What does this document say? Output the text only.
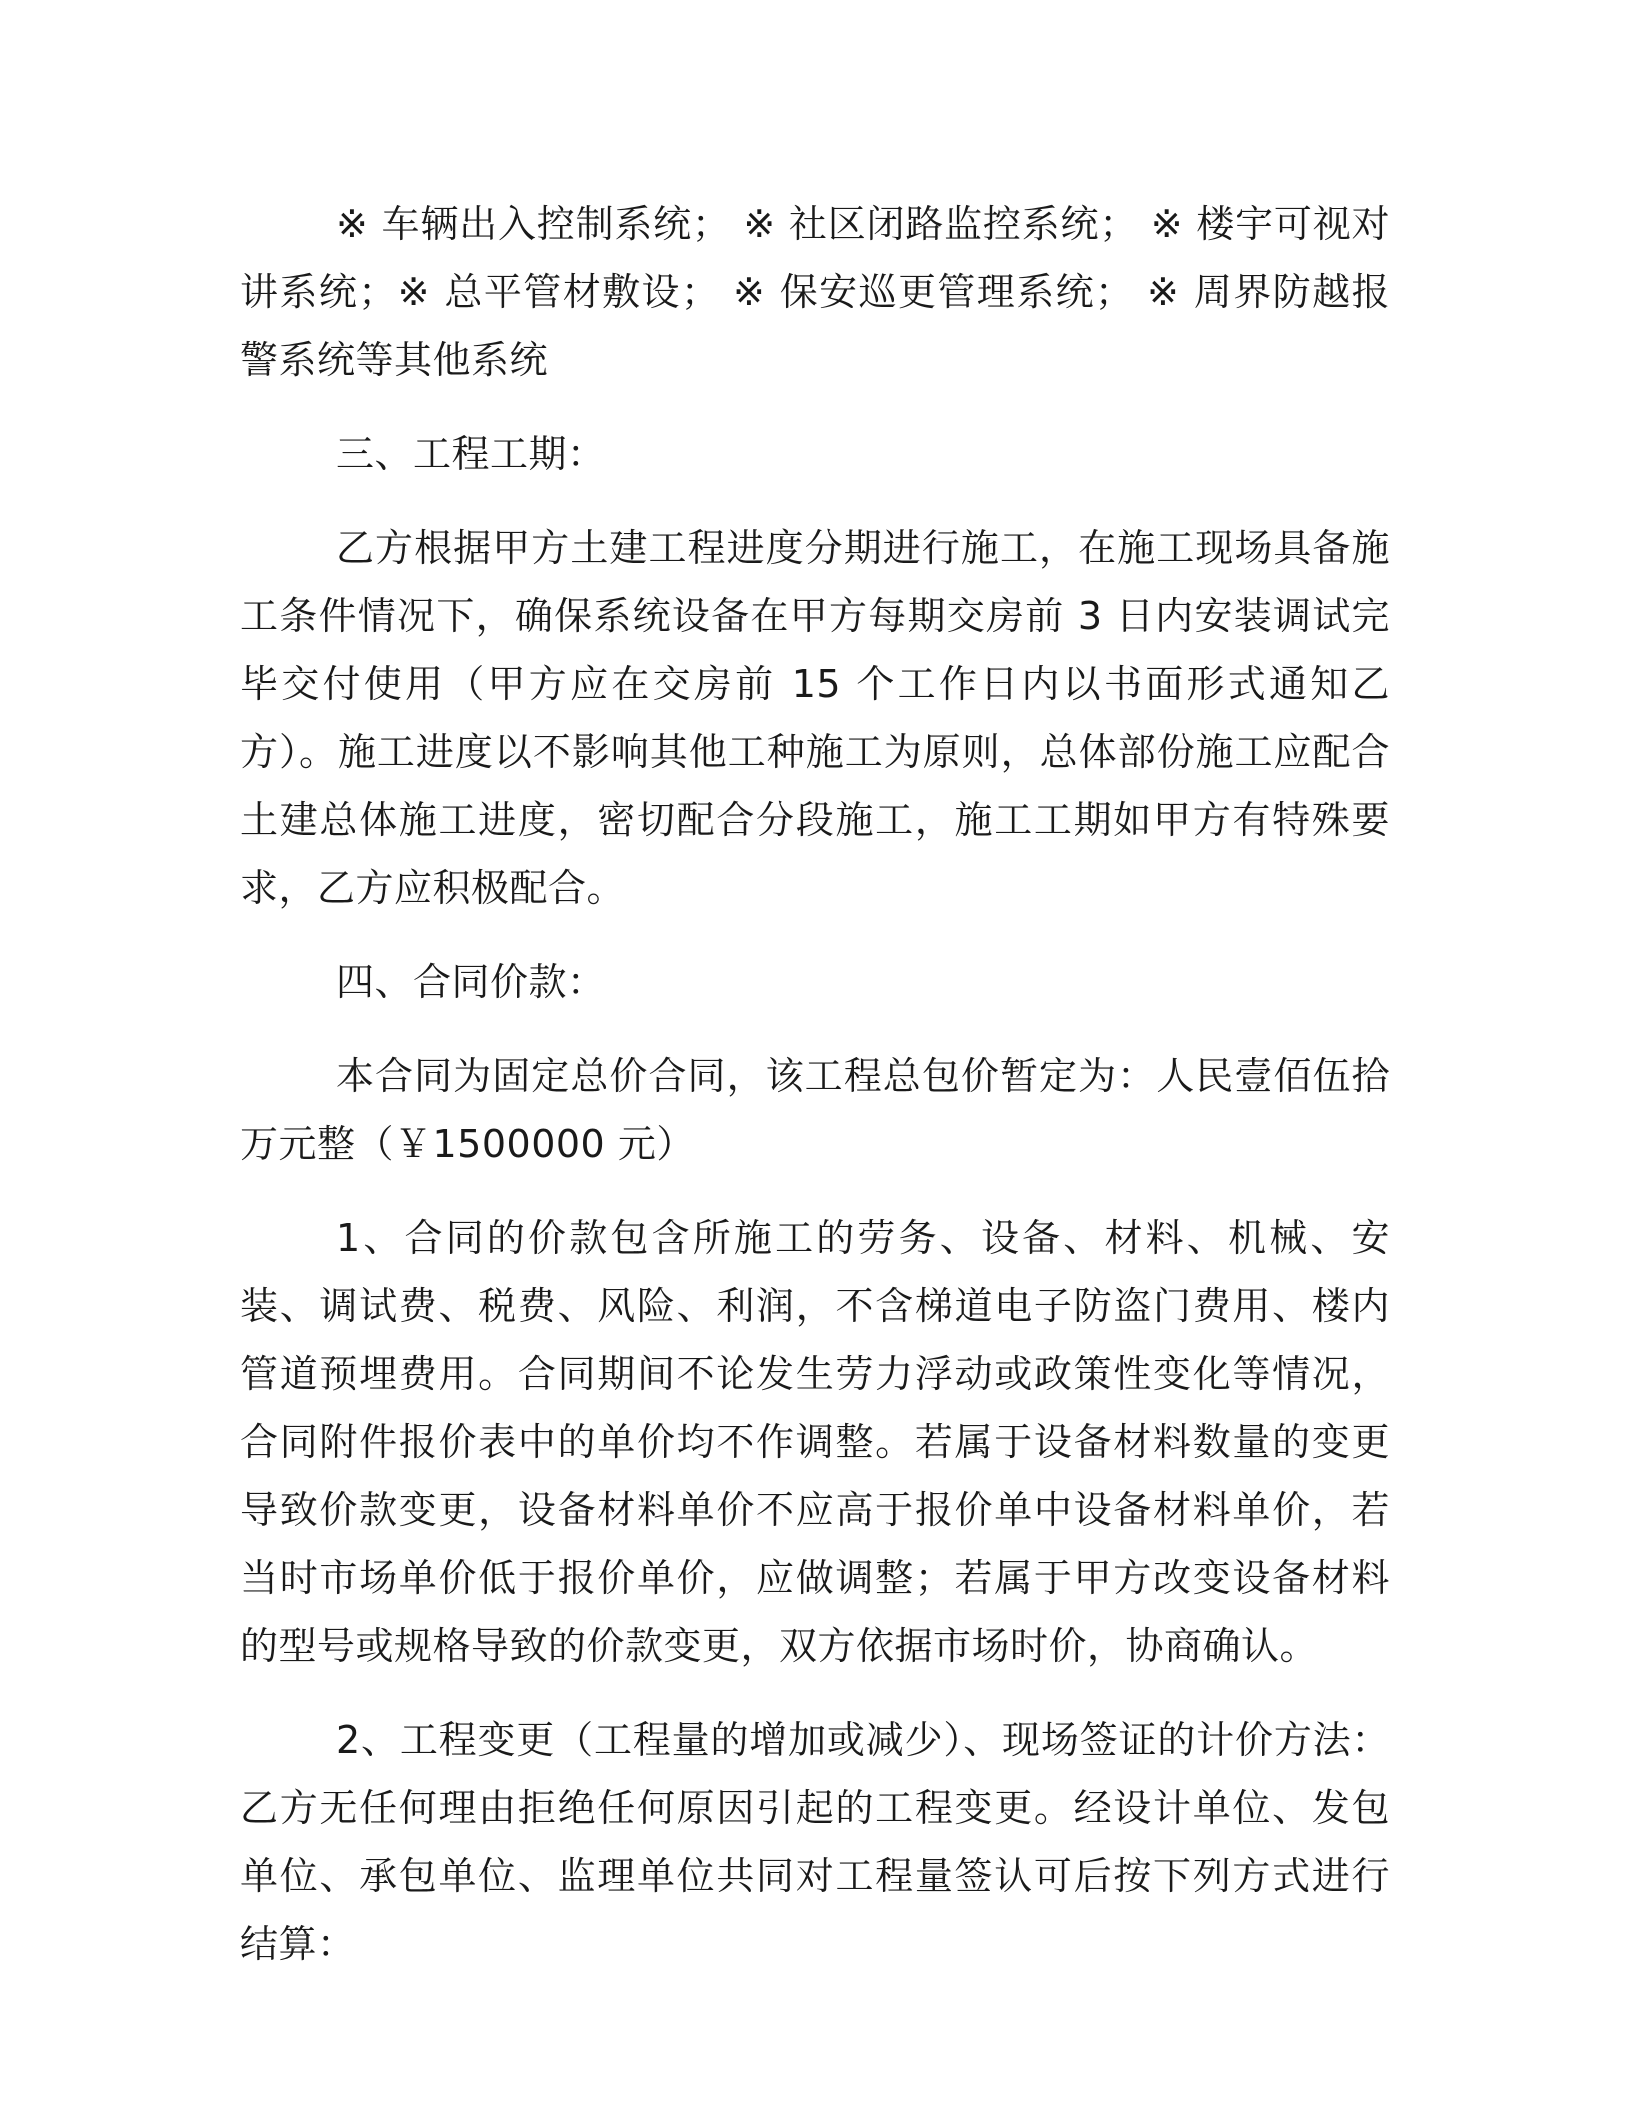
※ 车辆出入控制系统； ※ 社区闭路监控系统； ※ 楼宇可视对讲系统；※ 总平管材敷设； ※ 保安巡更管理系统； ※ 周界防越报警系统等其他系统

三、工程工期：

乙方根据甲方土建工程进度分期进行施工，在施工现场具备施工条件情况下，确保系统设备在甲方每期交房前 3 日内安装调试完毕交付使用（甲方应在交房前 15 个工作日内以书面形式通知乙方）。施工进度以不影响其他工种施工为原则，总体部份施工应配合土建总体施工进度，密切配合分段施工，施工工期如甲方有特殊要求，乙方应积极配合。

四、合同价款：

本合同为固定总价合同，该工程总包价暂定为：人民壹佰伍拾万元整（￥1500000 元）

1、合同的价款包含所施工的劳务、设备、材料、机械、安装、调试费、税费、风险、利润，不含梯道电子防盗门费用、楼内管道预埋费用。合同期间不论发生劳力浮动或政策性变化等情况，合同附件报价表中的单价均不作调整。若属于设备材料数量的变更导致价款变更，设备材料单价不应高于报价单中设备材料单价，若当时市场单价低于报价单价，应做调整；若属于甲方改变设备材料的型号或规格导致的价款变更，双方依据市场时价，协商确认。

2、工程变更（工程量的增加或减少）、现场签证的计价方法：乙方无任何理由拒绝任何原因引起的工程变更。经设计单位、发包单位、承包单位、监理单位共同对工程量签认可后按下列方式进行结算：
